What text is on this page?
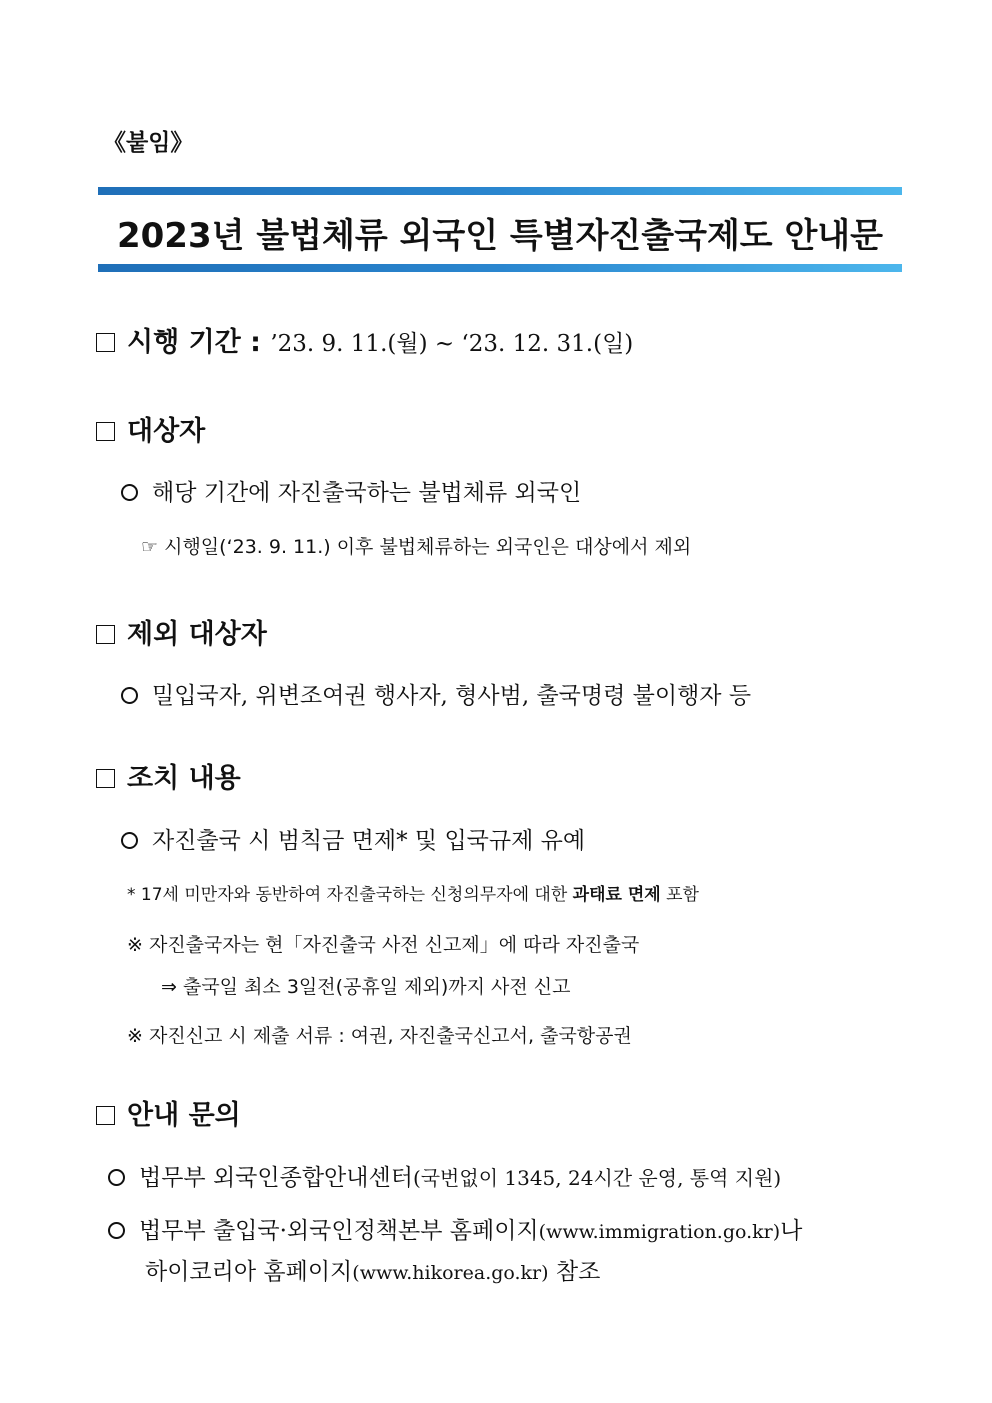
《붙임》
2023년 불법체류 외국인 특별자진출국제도 안내문
시행 기간 : ’23. 9. 11.(월) ~ ‘23. 12. 31.(일)
대상자
해당 기간에 자진출국하는 불법체류 외국인
☞ 시행일(‘23. 9. 11.) 이후 불법체류하는 외국인은 대상에서 제외
제외 대상자
밀입국자, 위변조여권 행사자, 형사범, 출국명령 불이행자 등
조치 내용
자진출국 시 범칙금 면제* 및 입국규제 유예
* 17세 미만자와 동반하여 자진출국하는 신청의무자에 대한 과태료 면제 포함
※ 자진출국자는 현「자진출국 사전 신고제」에 따라 자진출국
⇒ 출국일 최소 3일전(공휴일 제외)까지 사전 신고
※ 자진신고 시 제출 서류 : 여권, 자진출국신고서, 출국항공권
안내 문의
법무부 외국인종합안내센터(국번없이 1345, 24시간 운영, 통역 지원)
법무부 출입국·외국인정책본부 홈페이지(www.immigration.go.kr)나
하이코리아 홈페이지(www.hikorea.go.kr) 참조
